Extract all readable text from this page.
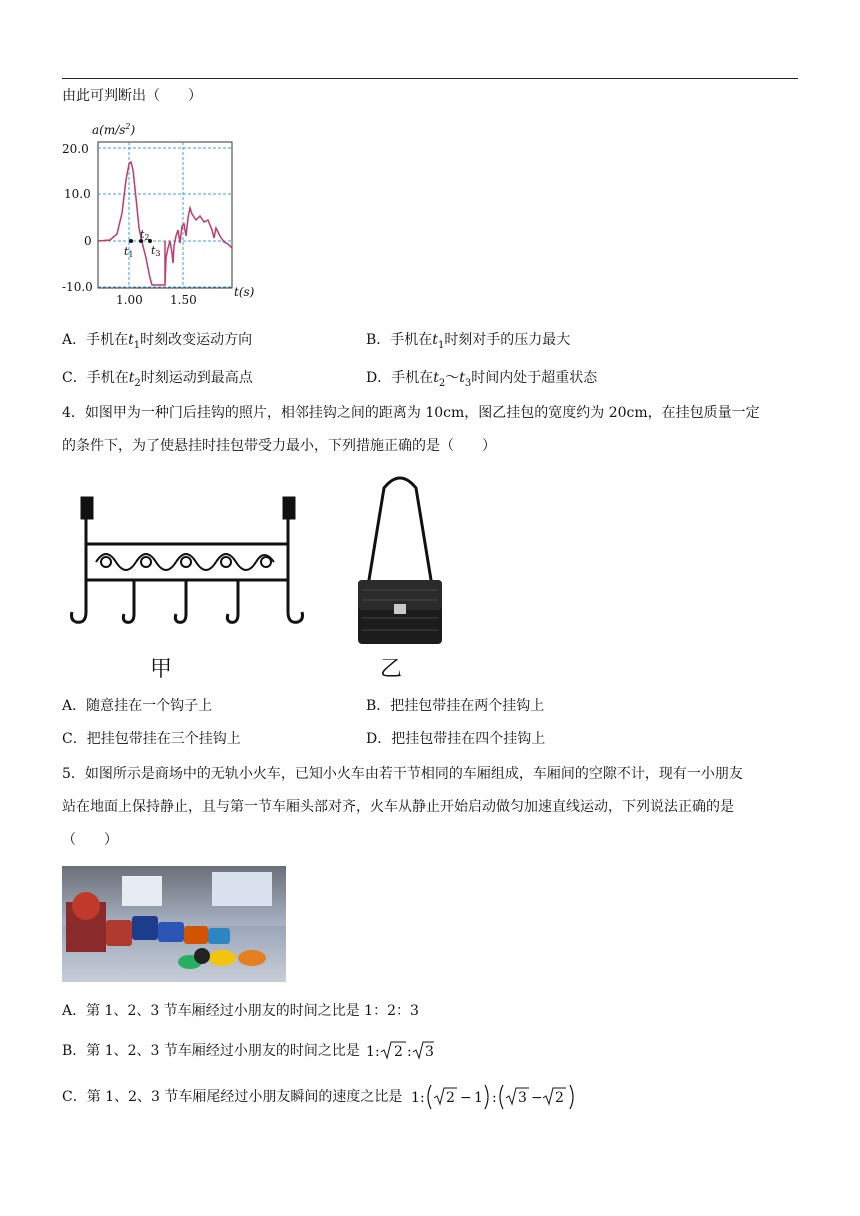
由此可判断出（　　）
$a(m/s^2)$
20.0
10.0
0
-10.0
1.00 1.50
t(s)
t1
t2
t3
A．手机在$t_1$时刻改变运动方向	B．手机在$t_1$时刻对手的压力最大
C．手机在$t_2$时刻运动到最高点	D．手机在$t_2\sim t_3$时间内处于超重状态
4．如图甲为一种门后挂钩的照片，相邻挂钩之间的距离为 10cm，图乙挂包的宽度约为 20cm，在挂包质量一定
的条件下，为了使悬挂时挂包带受力最小，下列措施正确的是（　　）
甲	乙
A．随意挂在一个钩子上	B．把挂包带挂在两个挂钩上
C．把挂包带挂在三个挂钩上	D．把挂包带挂在四个挂钩上
5．如图所示是商场中的无轨小火车，已知小火车由若干节相同的车厢组成，车厢间的空隙不计，现有一小朋友
站在地面上保持静止，且与第一节车厢头部对齐，火车从静止开始启动做匀加速直线运动，下列说法正确的是
（　　）
A．第 1、2、3 节车厢经过小朋友的时间之比是 1：2：3
B．第 1、2、3 节车厢经过小朋友的时间之比是 1 : 2 : 3
C．第 1、2、3 节车厢尾经过小朋友瞬间的速度之比是 1 : 2 − 1 : 3 − 2
